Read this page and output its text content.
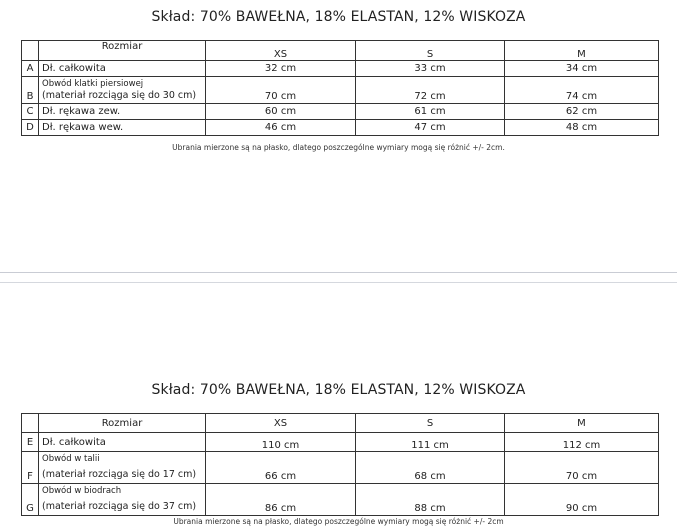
Skład: 70% BAWEŁNA, 18% ELASTAN, 12% WISKOZA
	Rozmiar	XS	S	M
A	Dł. całkowita	32 cm	33 cm	34 cm
B	Obwód klatki piersiowej
(materiał rozciąga się do 30 cm)	70 cm	72 cm	74 cm
C	Dł. rękawa zew.	60 cm	61 cm	62 cm
D	Dł. rękawa wew.	46 cm	47 cm	48 cm
Ubrania mierzone są na płasko, dlatego poszczególne wymiary mogą się różnić +/- 2cm.
Skład: 70% BAWEŁNA, 18% ELASTAN, 12% WISKOZA
	Rozmiar	XS	S	M
E	Dł. całkowita	110 cm	111 cm	112 cm
F	Obwód w talii
(materiał rozciąga się do 17 cm)	66 cm	68 cm	70 cm
G	Obwód w biodrach
(materiał rozciąga się do 37 cm)	86 cm	88 cm	90 cm
Ubrania mierzone są na płasko, dlatego poszczególne wymiary mogą się różnić +/- 2cm
